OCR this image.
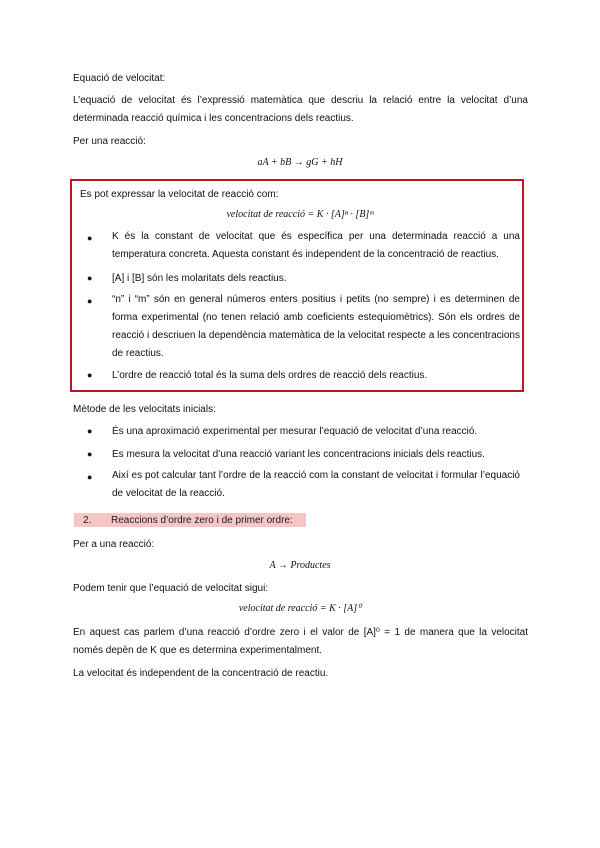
Equació de velocitat:
L’equació de velocitat és l’expressió matemàtica que descriu la relació entre la velocitat d’una determinada reacció química i les concentracions dels reactius.
Per una reacció:
aA + bB → gG + hH
Es pot expressar la velocitat de reacció com:
velocitat de reacció = K · [A]ⁿ · [B]ᵐ
● K és la constant de velocitat que és específica per una determinada reacció a una temperatura concreta. Aquesta constant és independent de la concentració de reactius.
● [A] i [B] són les molaritats dels reactius.
● “n” i “m” són en general números enters positius i petits (no sempre) i es determinen de forma experimental (no tenen relació amb coeficients estequiomètrics). Són els ordres de reacció i descriuen la dependència matemàtica de la velocitat respecte a les concentracions de reactius.
● L’ordre de reacció total és la suma dels ordres de reacció dels reactius.
Mètode de les velocitats inicials:
● És una aproximació experimental per mesurar l’equació de velocitat d’una reacció.
● Es mesura la velocitat d’una reacció variant les concentracions inicials dels reactius.
● Així es pot calcular tant l’ordre de la reacció com la constant de velocitat i formular l’equació de velocitat de la reacció.
2. Reaccions d’ordre zero i de primer ordre:
Per a una reacció:
A → Productes
Podem tenir que l’equació de velocitat sigui:
velocitat de reacció = K · [A]⁰
En aquest cas parlem d’una reacció d’ordre zero i el valor de [A]⁰ = 1 de manera que la velocitat només depèn de K que es determina experimentalment.
La velocitat és independent de la concentració de reactiu.
